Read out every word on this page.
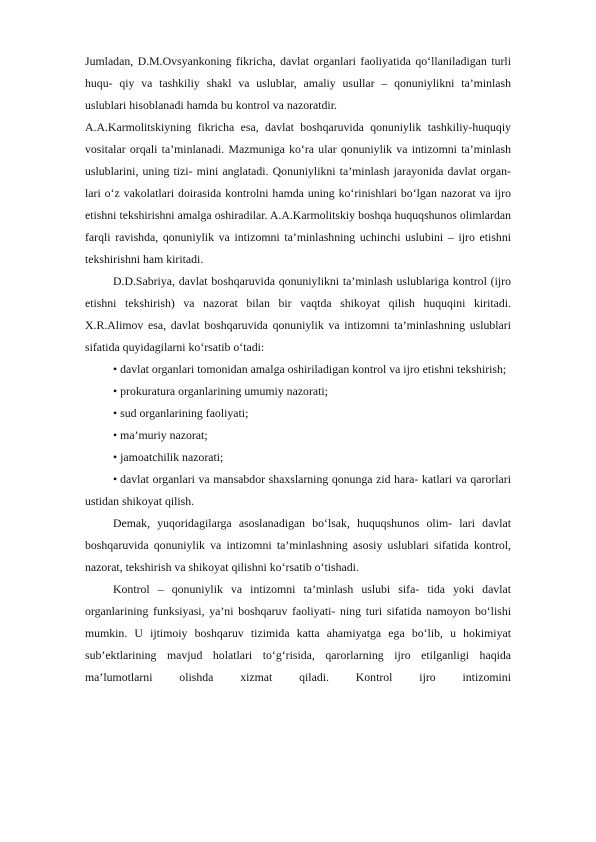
Jumladan, D.M.Ovsyankoning fikricha, davlat organlari faoliyatida qo‘llaniladigan turli huqu- qiy va tashkiliy shakl va uslublar, amaliy usullar – qonuniylikni ta’minlash uslublari hisoblanadi hamda bu kontrol va nazoratdir.

A.A.Karmolitskiyning fikricha esa, davlat boshqaruvida qonuniylik tashkiliy-huquqiy vositalar orqali ta’minlanadi. Mazmuniga ko‘ra ular qonuniylik va intizomni ta’minlash uslublarini, uning tizi- mini anglatadi. Qonuniylikni ta’minlash jarayonida davlat organ- lari o‘z vakolatlari doirasida kontrolni hamda uning ko‘rinishlari bo‘lgan nazorat va ijro etishni tekshirishni amalga oshiradilar. A.A.Karmolitskiy boshqa huquqshunos olimlardan farqli ravishda, qonuniylik va intizomni ta’minlashning uchinchi uslubini – ijro etishni tekshirishni ham kiritadi.

D.D.Sabriya, davlat boshqaruvida qonuniylikni ta’minlash uslublariga kontrol (ijro etishni tekshirish) va nazorat bilan bir vaqtda shikoyat qilish huquqini kiritadi. X.R.Alimov esa, davlat boshqaruvida qonuniylik va intizomni ta’minlashning uslublari sifatida quyidagilarni ko‘rsatib o‘tadi:

• davlat organlari tomonidan amalga oshiriladigan kontrol va ijro etishni tekshirish;

• prokuratura organlarining umumiy nazorati;

• sud organlarining faoliyati;

• ma’muriy nazorat;

• jamoatchilik nazorati;

• davlat organlari va mansabdor shaxslarning qonunga zid hara- katlari va qarorlari ustidan shikoyat qilish.

Demak, yuqoridagilarga asoslanadigan bo‘lsak, huquqshunos olim- lari davlat boshqaruvida qonuniylik va intizomni ta’minlashning asosiy uslublari sifatida kontrol, nazorat, tekshirish va shikoyat qilishni ko‘rsatib o‘tishadi.

Kontrol – qonuniylik va intizomni ta’minlash uslubi sifa- tida yoki davlat organlarining funksiyasi, ya’ni boshqaruv faoliyati- ning turi sifatida namoyon bo‘lishi mumkin. U ijtimoiy boshqaruv tizimida katta ahamiyatga ega bo‘lib, u hokimiyat sub’ektlarining mavjud holatlari to‘g‘risida, qarorlarning ijro etilganligi haqida ma’lumotlarni olishda xizmat qiladi. Kontrol ijro intizomini
